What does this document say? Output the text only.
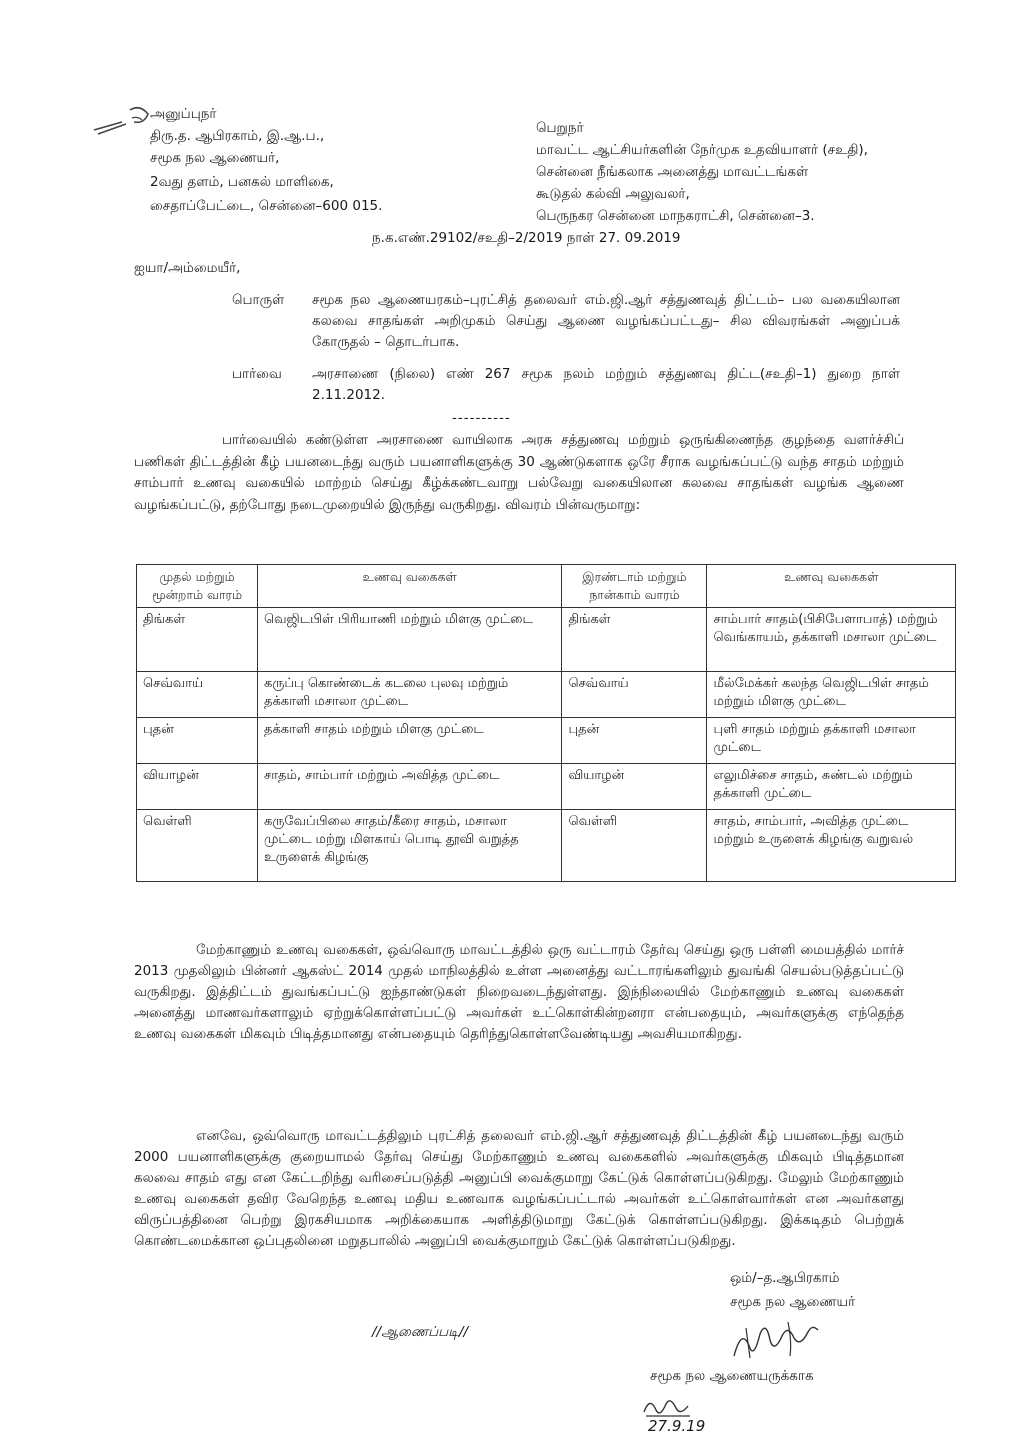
அனுப்புநர்
திரு.த. ஆபிரகாம், இ.ஆ.ப.,
சமூக நல ஆணையர்,
2வது தளம், பனகல் மாளிகை,
சைதாப்பேட்டை, சென்னை–600 015.
பெறுநர்
மாவட்ட ஆட்சியர்களின் நேர்முக உதவியாளர் (சஉதி),
சென்னை நீங்கலாக அனைத்து மாவட்டங்கள்
கூடுதல் கல்வி அலுவலர்,
பெருநகர சென்னை மாநகராட்சி, சென்னை–3.
ந.க.எண்.29102/சஉதி–2/2019 நாள் 27. 09.2019
ஐயா/அம்மையீர்,
பொருள் சமூக நல ஆணையரகம்–புரட்சித் தலைவர் எம்.ஜி.ஆர் சத்துணவுத் திட்டம்– பல வகையிலான கலவை சாதங்கள் அறிமுகம் செய்து ஆணை வழங்கப்பட்டது– சில விவரங்கள் அனுப்பக் கோருதல் – தொடர்பாக.
பார்வை அரசாணை (நிலை) எண் 267 சமூக நலம் மற்றும் சத்துணவு திட்ட(சஉதி–1) துறை நாள் 2.11.2012.
----------
பார்வையில் கண்டுள்ள அரசாணை வாயிலாக அரசு சத்துணவு மற்றும் ஒருங்கிணைந்த குழந்தை வளர்ச்சிப் பணிகள் திட்டத்தின் கீழ் பயனடைந்து வரும் பயனாளிகளுக்கு 30 ஆண்டுகளாக ஒரே சீராக வழங்கப்பட்டு வந்த சாதம் மற்றும் சாம்பார் உணவு வகையில் மாற்றம் செய்து கீழ்க்கண்டவாறு பல்வேறு வகையிலான கலவை சாதங்கள் வழங்க ஆணை வழங்கப்பட்டு, தற்போது நடைமுறையில் இருந்து வருகிறது. விவரம் பின்வருமாறு:
முதல் மற்றும் மூன்றாம் வாரம்	உணவு வகைகள்	இரண்டாம் மற்றும் நான்காம் வாரம்	உணவு வகைகள்
திங்கள்	வெஜிடபிள் பிரியாணி மற்றும் மிளகு முட்டை	திங்கள்	சாம்பார் சாதம்(பிசிபேளாபாத்) மற்றும் வெங்காயம், தக்காளி மசாலா முட்டை
செவ்வாய்	கருப்பு கொண்டைக் கடலை புலவு மற்றும் தக்காளி மசாலா முட்டை	செவ்வாய்	மீல்மேக்கர் கலந்த வெஜிடபிள் சாதம் மற்றும் மிளகு முட்டை
புதன்	தக்காளி சாதம் மற்றும் மிளகு முட்டை	புதன்	புளி சாதம் மற்றும் தக்காளி மசாலா முட்டை
வியாழன்	சாதம், சாம்பார் மற்றும் அவித்த முட்டை	வியாழன்	எலுமிச்சை சாதம், சுண்டல் மற்றும் தக்காளி முட்டை
வெள்ளி	கருவேப்பிலை சாதம்/கீரை சாதம், மசாலா முட்டை மற்று மிளகாய் பொடி தூவி வறுத்த உருளைக் கிழங்கு	வெள்ளி	சாதம், சாம்பார், அவித்த முட்டை மற்றும் உருளைக் கிழங்கு வறுவல்
மேற்காணும் உணவு வகைகள், ஒவ்வொரு மாவட்டத்தில் ஒரு வட்டாரம் தேர்வு செய்து ஒரு பள்ளி மையத்தில் மார்ச் 2013 முதலிலும் பின்னர் ஆகஸ்ட் 2014 முதல் மாநிலத்தில் உள்ள அனைத்து வட்டாரங்களிலும் துவங்கி செயல்படுத்தப்பட்டு வருகிறது. இத்திட்டம் துவங்கப்பட்டு ஐந்தாண்டுகள் நிறைவடைந்துள்ளது. இந்நிலையில் மேற்காணும் உணவு வகைகள் அனைத்து மாணவர்களாலும் ஏற்றுக்கொள்ளப்பட்டு அவர்கள் உட்கொள்கின்றனரா என்பதையும், அவர்களுக்கு எந்தெந்த உணவு வகைகள் மிகவும் பிடித்தமானது என்பதையும் தெரிந்துகொள்ளவேண்டியது அவசியமாகிறது.
எனவே, ஒவ்வொரு மாவட்டத்திலும் புரட்சித் தலைவர் எம்.ஜி.ஆர் சத்துணவுத் திட்டத்தின் கீழ் பயனடைந்து வரும் 2000 பயனாளிகளுக்கு குறையாமல் தேர்வு செய்து மேற்காணும் உணவு வகைகளில் அவர்களுக்கு மிகவும் பிடித்தமான கலவை சாதம் எது என கேட்டறிந்து வரிசைப்படுத்தி அனுப்பி வைக்குமாறு கேட்டுக் கொள்ளப்படுகிறது. மேலும் மேற்காணும் உணவு வகைகள் தவிர வேறெந்த உணவு மதிய உணவாக வழங்கப்பட்டால் அவர்கள் உட்கொள்வார்கள் என அவர்களது விருப்பத்தினை பெற்று இரகசியமாக அறிக்கையாக அளித்திடுமாறு கேட்டுக் கொள்ளப்படுகிறது. இக்கடிதம் பெற்றுக் கொண்டமைக்கான ஒப்புதலினை மறுதபாலில் அனுப்பி வைக்குமாறும் கேட்டுக் கொள்ளப்படுகிறது.
ஒம்/–த.ஆபிரகாம்
சமூக நல ஆணையர்
//ஆணைப்படி//
சமூக நல ஆணையருக்காக
27.9.19
